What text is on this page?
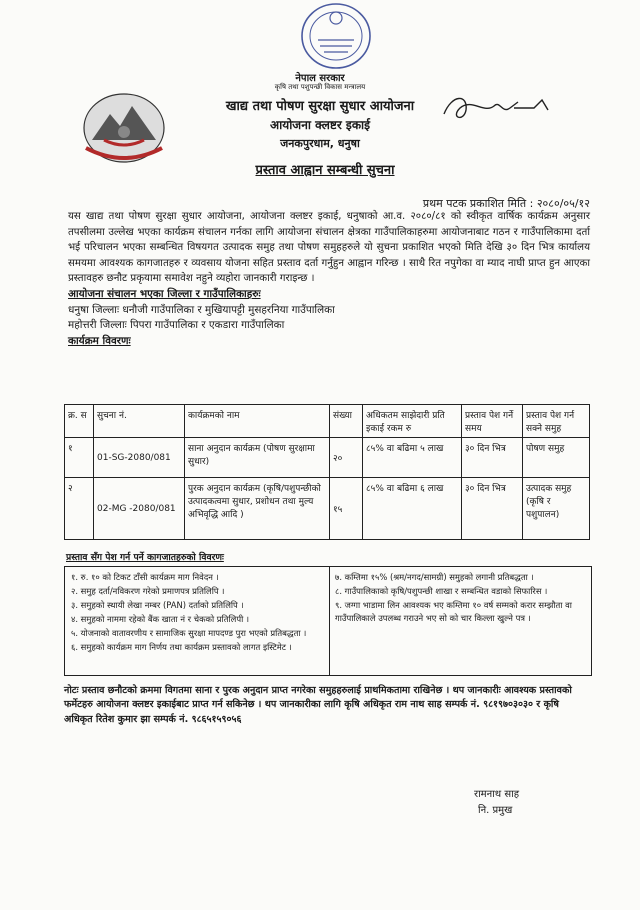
नेपाल सरकार
कृषि तथा पशुपन्छी विकास मन्त्रालय
खाद्य तथा पोषण सुरक्षा सुधार आयोजना
आयोजना क्लष्टर इकाई
जनकपुरधाम, धनुषा
प्रस्ताव आह्वान सम्बन्धी सुचना
प्रथम पटक प्रकाशित मिति : २०८०/०५/१२
यस खाद्य तथा पोषण सुरक्षा सुधार आयोजना, आयोजना क्लष्टर इकाई, धनुषाको आ.व. २०८०/८१ को स्वीकृत वार्षिक कार्यक्रम अनुसार तपसीलमा उल्लेख भएका कार्यक्रम संचालन गर्नका लागि आयोजना संचालन क्षेत्रका गाउँपालिकाहरुमा आयोजनाबाट गठन र गाउँपालिकामा दर्ता भई परिचालन भएका सम्बन्धित विषयगत उत्पादक समुह तथा पोषण समुहहरुले यो सुचना प्रकाशित भएको मिति देखि ३० दिन भित्र कार्यालय समयमा आवश्यक कागजातहरु र व्यवसाय योजना सहित प्रस्ताव दर्ता गर्नुहुन आह्वान गरिन्छ । साथै रित नपुगेका वा म्याद नाघी प्राप्त हुन आएका प्रस्तावहरु छनौट प्रकृयामा समावेश नहुने व्यहोरा जानकारी गराइन्छ ।
आयोजना संचालन भएका जिल्ला र गाउँपालिकाहरुः
धनुषा जिल्लाः धनौजी गाउँपालिका र मुखियापट्टी मुसहरनिया गाउँपालिका
महोत्तरी जिल्लाः पिपरा गाउँपालिका र एकडारा गाउँपालिका
कार्यक्रम विवरणः
क्र. स	सुचना नं.	कार्यक्रमको नाम	संख्या	अधिकतम साझेदारी प्रति इकाई रकम रु	प्रस्ताव पेश गर्ने समय	प्रस्ताव पेश गर्न सक्ने समुह
१	01-SG-2080/081	साना अनुदान कार्यक्रम (पोषण सुरक्षामा सुधार)	२०	८५% वा बढिमा ५ लाख	३० दिन भित्र	पोषण समुह
२	02-MG -2080/081	पुरक अनुदान कार्यक्रम (कृषि/पशुपन्छीको उत्पादकत्वमा सुधार, प्रशोधन तथा मुल्य अभिवृद्धि आदि )	१५	८५% वा बढिमा ६ लाख	३० दिन भित्र	उत्पादक समुह (कृषि र पशुपालन)
प्रस्ताव सँग पेश गर्न पर्ने कागजातहरुको विवरणः
१. रु. १० को टिकट टाँसी कार्यक्रम माग निवेदन ।
२. समुह दर्ता/नविकरण गरेको प्रमाणपत्र प्रतिलिपि ।
३. समुहको स्थायी लेखा नम्बर (PAN) दर्ताको प्रतिलिपि ।
४. समुहको नाममा रहेको बैंक खाता नं र चेकको प्रतिलिपी ।
५. योजनाको वातावरणीय र सामाजिक सुरक्षा मापदण्ड पुरा भएको प्रतिबद्धता ।
६. समुहको कार्यक्रम माग निर्णय तथा कार्यक्रम प्रस्तावको लागत इस्टिमेट ।
७. कम्तिमा १५% (श्रम/नगद/सामग्री) समुहको लगानी प्रतिबद्धता ।
८. गाउँपालिकाको कृषि/पशुपन्छी शाखा र सम्बन्धित वडाको सिफारिस ।
९. जग्गा भाडामा लिन आवश्यक भए कम्तिमा १० वर्ष सम्मको करार सम्झौता वा गाउँपालिकाले उपलब्ध गराउने भए सो को चार किल्ला खुल्ने पत्र ।
नोटः प्रस्ताव छनौटको क्रममा विगतमा साना र पुरक अनुदान प्राप्त नगरेका समुहहरुलाई प्राथमिकतामा राखिनेछ । थप जानकारीः आवश्यक प्रस्तावको फर्मेटहरु आयोजना क्लष्टर इकाईबाट प्राप्त गर्न सकिनेछ । थप जानकारीका लागि कृषि अधिकृत राम नाथ साह सम्पर्क नं. ९८१९७०३०३० र कृषि अधिकृत रितेश कुमार झा सम्पर्क नं. ९८६५१५९०५६
रामनाथ साह
नि. प्रमुख
